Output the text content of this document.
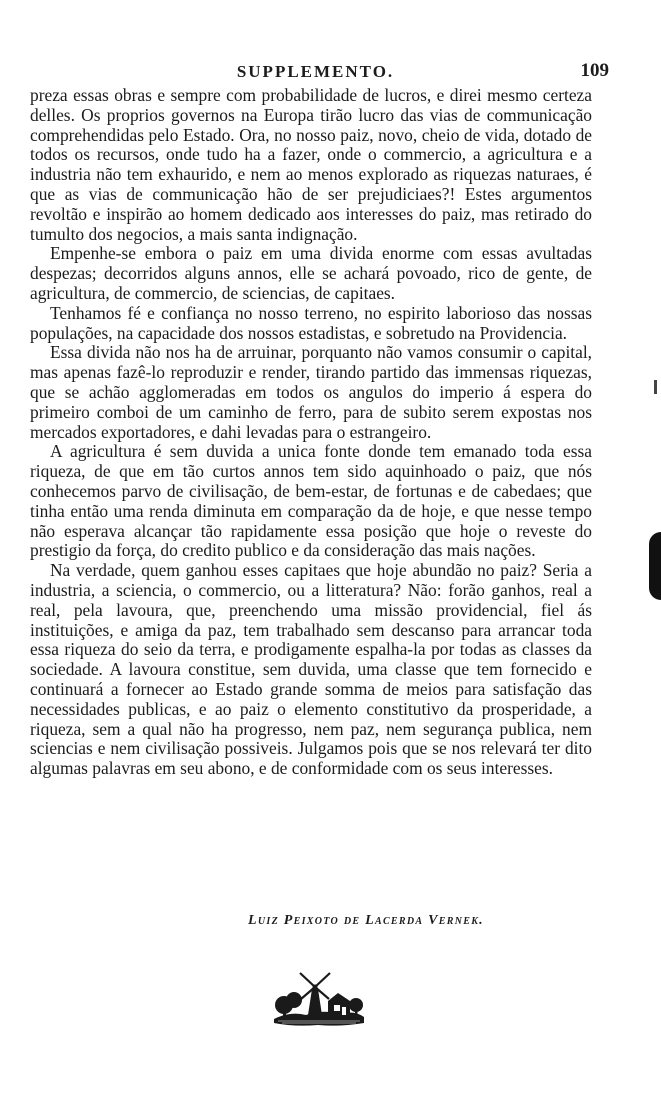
SUPPLEMENTO.	109

preza essas obras e sempre com probabilidade de lucros, e direi mesmo certeza delles. Os proprios governos na Europa tirão lucro das vias de communicação comprehendidas pelo Estado. Ora, no nosso paiz, novo, cheio de vida, dotado de todos os recursos, onde tudo ha a fazer, onde o commercio, a agricultura e a industria não tem exhaurido, e nem ao menos explorado as riquezas naturaes, é que as vias de communicação hão de ser prejudiciaes?! Estes argumentos revoltão e inspirão ao homem dedicado aos interesses do paiz, mas retirado do tumulto dos negocios, a mais santa indignação.

Empenhe-se embora o paiz em uma divida enorme com essas avultadas despezas; decorridos alguns annos, elle se achará povoado, rico de gente, de agricultura, de commercio, de sciencias, de capitaes.

Tenhamos fé e confiança no nosso terreno, no espirito laborioso das nossas populações, na capacidade dos nossos estadistas, e sobretudo na Providencia.

Essa divida não nos ha de arruinar, porquanto não vamos consumir o capital, mas apenas fazê-lo reproduzir e render, tirando partido das immensas riquezas, que se achão agglomeradas em todos os angulos do imperio á espera do primeiro comboi de um caminho de ferro, para de subito serem expostas nos mercados exportadores, e dahi levadas para o estrangeiro.

A agricultura é sem duvida a unica fonte donde tem emanado toda essa riqueza, de que em tão curtos annos tem sido aquinhoado o paiz, que nós conhecemos parvo de civilisação, de bem-estar, de fortunas e de cabedaes; que tinha então uma renda diminuta em comparação da de hoje, e que nesse tempo não esperava alcançar tão rapidamente essa posição que hoje o reveste do prestigio da força, do credito publico e da consideração das mais nações.

Na verdade, quem ganhou esses capitaes que hoje abundão no paiz? Seria a industria, a sciencia, o commercio, ou a litteratura? Não: forão ganhos, real a real, pela lavoura, que, preenchendo uma missão providencial, fiel ás instituições, e amiga da paz, tem trabalhado sem descanso para arrancar toda essa riqueza do seio da terra, e prodigamente espalha-la por todas as classes da sociedade. A lavoura constitue, sem duvida, uma classe que tem fornecido e continuará a fornecer ao Estado grande somma de meios para satisfação das necessidades publicas, e ao paiz o elemento constitutivo da prosperidade, a riqueza, sem a qual não ha progresso, nem paz, nem segurança publica, nem sciencias e nem civilisação possiveis. Julgamos pois que se nos relevará ter dito algumas palavras em seu abono, e de conformidade com os seus interesses.

Luiz Peixoto de Lacerda Vernek.
